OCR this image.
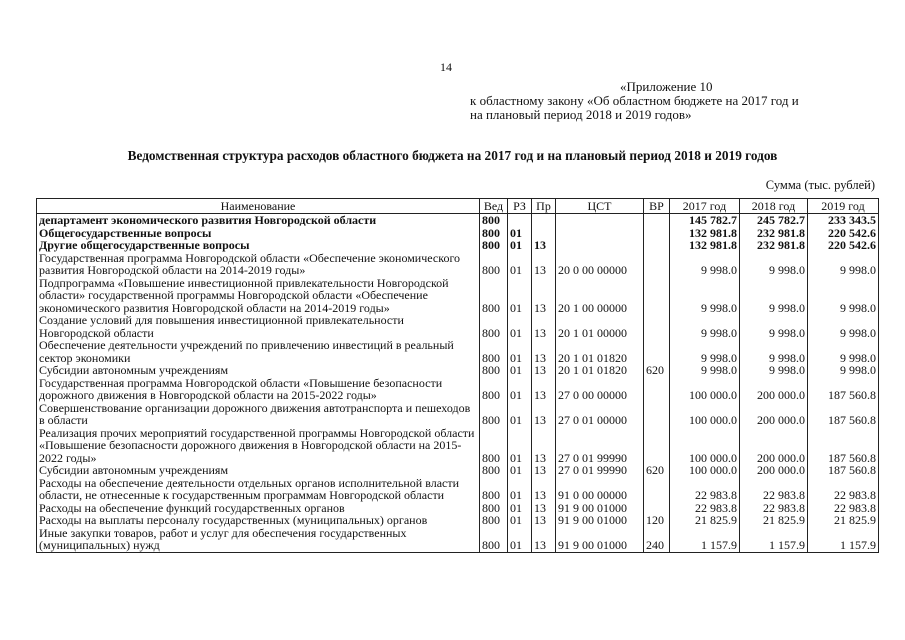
14
«Приложение 10
к областному закону «Об областном бюджете на 2017 год и
на плановый период 2018 и 2019 годов»
Ведомственная структура расходов областного бюджета на 2017 год и на плановый период 2018 и 2019 годов
Сумма (тыс. рублей)
Наименование	Вед	РЗ	Пр	ЦСТ	ВР	2017 год	2018 год	2019 год
департамент экономического развития Новгородской области	800					145 782.7	245 782.7	233 343.5
Общегосударственные вопросы	800	01				132 981.8	232 981.8	220 542.6
Другие общегосударственные вопросы	800	01	13			132 981.8	232 981.8	220 542.6
Государственная программа Новгородской области «Обеспечение экономического развития Новгородской области на 2014-2019 годы»	800	01	13	20 0 00 00000		9 998.0	9 998.0	9 998.0
Подпрограмма «Повышение инвестиционной привлекательности Новгородской области» государственной программы Новгородской области «Обеспечение экономического развития Новгородской области на 2014-2019 годы»	800	01	13	20 1 00 00000		9 998.0	9 998.0	9 998.0
Создание условий для повышения инвестиционной привлекательности Новгородской области	800	01	13	20 1 01 00000		9 998.0	9 998.0	9 998.0
Обеспечение деятельности учреждений по привлечению инвестиций в реальный сектор экономики	800	01	13	20 1 01 01820		9 998.0	9 998.0	9 998.0
Субсидии автономным учреждениям	800	01	13	20 1 01 01820	620	9 998.0	9 998.0	9 998.0
Государственная программа Новгородской области «Повышение безопасности дорожного движения в Новгородской области на 2015-2022 годы»	800	01	13	27 0 00 00000		100 000.0	200 000.0	187 560.8
Совершенствование организации дорожного движения автотранспорта и пешеходов в области	800	01	13	27 0 01 00000		100 000.0	200 000.0	187 560.8
Реализация прочих мероприятий государственной программы Новгородской области «Повышение безопасности дорожного движения в Новгородской области на 2015-2022 годы»	800	01	13	27 0 01 99990		100 000.0	200 000.0	187 560.8
Субсидии автономным учреждениям	800	01	13	27 0 01 99990	620	100 000.0	200 000.0	187 560.8
Расходы на обеспечение деятельности отдельных органов исполнительной власти области, не отнесенные к государственным программам Новгородской области	800	01	13	91 0 00 00000		22 983.8	22 983.8	22 983.8
Расходы на обеспечение функций государственных органов	800	01	13	91 9 00 01000		22 983.8	22 983.8	22 983.8
Расходы на выплаты персоналу государственных (муниципальных) органов	800	01	13	91 9 00 01000	120	21 825.9	21 825.9	21 825.9
Иные закупки товаров, работ и услуг для обеспечения государственных (муниципальных) нужд	800	01	13	91 9 00 01000	240	1 157.9	1 157.9	1 157.9
